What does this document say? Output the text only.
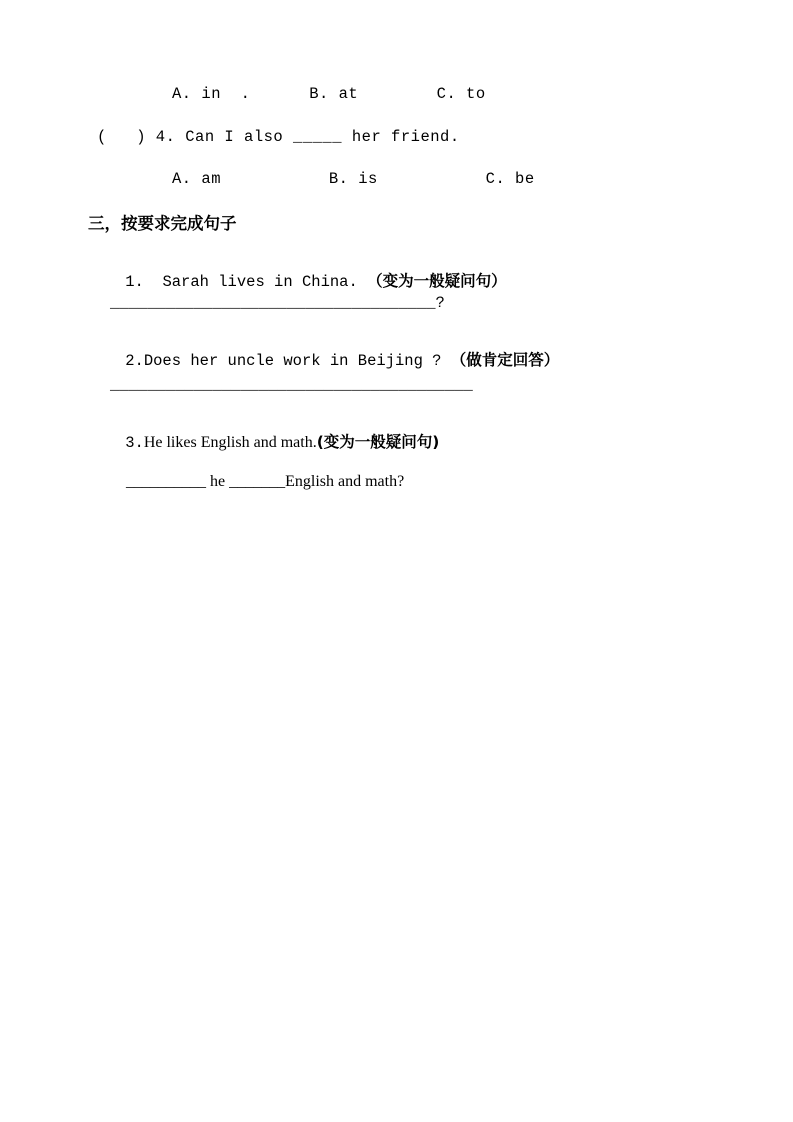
A. in  .      B. at        C. to
(   ) 4. Can I also _____ her friend.
A. am           B. is           C. be
三，按要求完成句子

1. Sarah lives in China. （变为一般疑问句）

___________________________________?

2.Does her uncle work in Beijing ? （做肯定回答）

_______________________________________

3.He likes English and math.(变为一般疑问句)

__________ he _______English and math?
